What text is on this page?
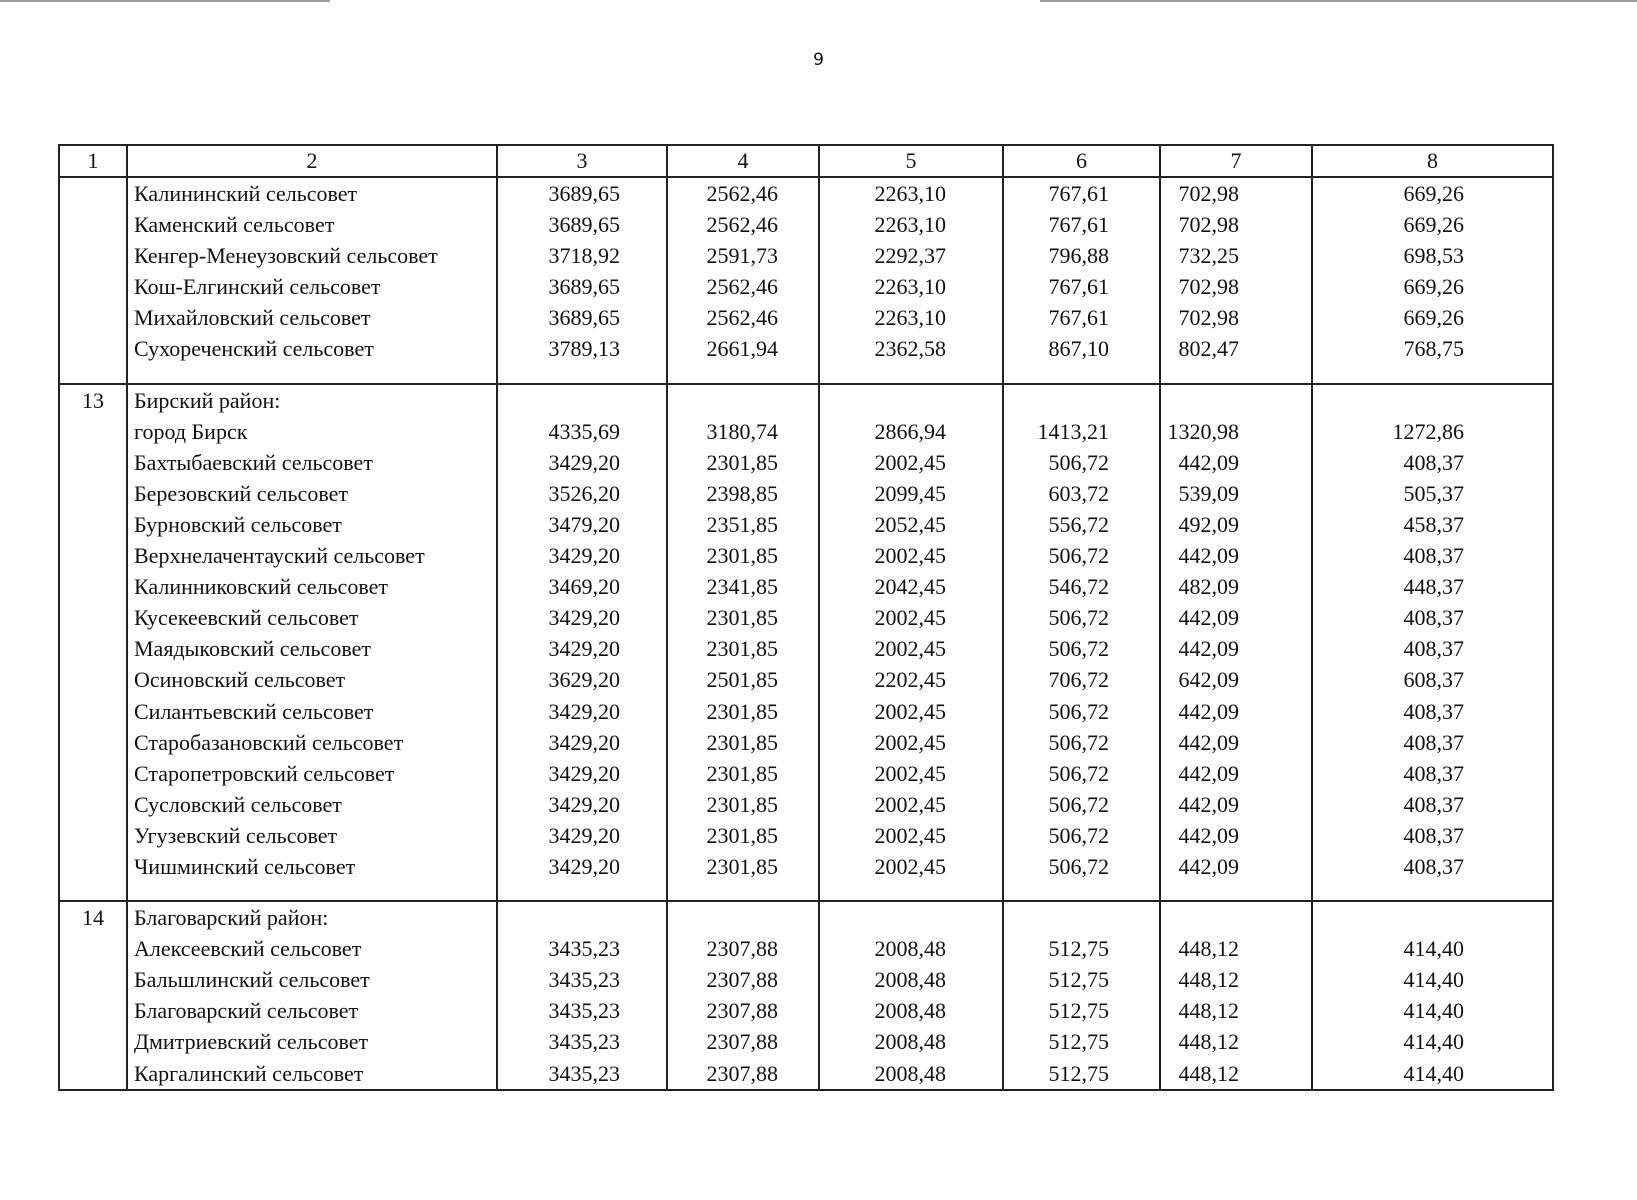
9
1	2	3	4	5	6	7	8
	Калининский сельсовет	3689,65	2562,46	2263,10	767,61	702,98	669,26
	Каменский сельсовет	3689,65	2562,46	2263,10	767,61	702,98	669,26
	Кенгер-Менеузовский сельсовет	3718,92	2591,73	2292,37	796,88	732,25	698,53
	Кош-Елгинский сельсовет	3689,65	2562,46	2263,10	767,61	702,98	669,26
	Михайловский сельсовет	3689,65	2562,46	2263,10	767,61	702,98	669,26
	Сухореченский сельсовет	3789,13	2661,94	2362,58	867,10	802,47	768,75

13	Бирский район:						
	город Бирск	4335,69	3180,74	2866,94	1413,21	1320,98	1272,86
	Бахтыбаевский сельсовет	3429,20	2301,85	2002,45	506,72	442,09	408,37
	Березовский сельсовет	3526,20	2398,85	2099,45	603,72	539,09	505,37
	Бурновский сельсовет	3479,20	2351,85	2052,45	556,72	492,09	458,37
	Верхнелачентауский сельсовет	3429,20	2301,85	2002,45	506,72	442,09	408,37
	Калинниковский сельсовет	3469,20	2341,85	2042,45	546,72	482,09	448,37
	Кусекеевский сельсовет	3429,20	2301,85	2002,45	506,72	442,09	408,37
	Маядыковский сельсовет	3429,20	2301,85	2002,45	506,72	442,09	408,37
	Осиновский сельсовет	3629,20	2501,85	2202,45	706,72	642,09	608,37
	Силантьевский сельсовет	3429,20	2301,85	2002,45	506,72	442,09	408,37
	Старобазановский сельсовет	3429,20	2301,85	2002,45	506,72	442,09	408,37
	Старопетровский сельсовет	3429,20	2301,85	2002,45	506,72	442,09	408,37
	Сусловский сельсовет	3429,20	2301,85	2002,45	506,72	442,09	408,37
	Угузевский сельсовет	3429,20	2301,85	2002,45	506,72	442,09	408,37
	Чишминский сельсовет	3429,20	2301,85	2002,45	506,72	442,09	408,37

14	Благоварский район:						
	Алексеевский сельсовет	3435,23	2307,88	2008,48	512,75	448,12	414,40
	Бальшлинский сельсовет	3435,23	2307,88	2008,48	512,75	448,12	414,40
	Благоварский сельсовет	3435,23	2307,88	2008,48	512,75	448,12	414,40
	Дмитриевский сельсовет	3435,23	2307,88	2008,48	512,75	448,12	414,40
	Каргалинский сельсовет	3435,23	2307,88	2008,48	512,75	448,12	414,40
